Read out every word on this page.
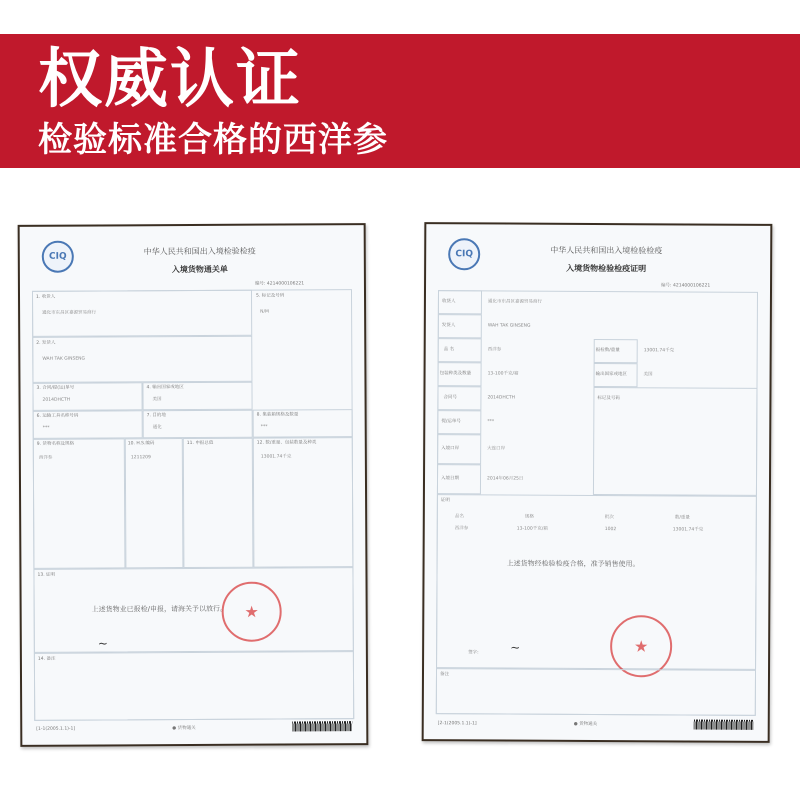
权威认证
检验标准合格的西洋参
CIQ
中华人民共和国出入境检验检疫
入境货物通关单
编号: 4214000106221
1. 收货人
通化市东昌区嘉源贸易商行
5. 标记及号码
N/M
2. 发货人
WAH TAK GINSENG
3. 合同/提(运)单号
2014DHCTH
4. 输出国家或地区
美国
6. 运输工具名称号码
***
7. 目的地
通化
8. 集装箱规格及数量
***
9. 货物名称及规格
西洋参
10. H.S.编码
1211209
11. 申报总值	12. 数/重量、包装数量及种类
13001.74千克
13. 证明
上述货物业已报检/申报，请海关予以放行。
~
★
14. 备注
[1-1(2005.1.1)-1]	● 货物通关
CIQ	中华人民共和国出入境检验检疫
入境货物检验检疫证明
编号: 4214000106221
收货人	通化市东昌区嘉源贸易商行
发货人	WAH TAK GINSENG
品 名	西洋参	报检数/重量	13001.74千克
包装种类及数量	13-100千克/箱	输出国家或地区	美国
合同号	2014DHCTH	标记及号码
提/运单号	***
入境口岸	大连口岸
入境日期	2014年06月25日
证明
品名	规格	批次	数/重量
西洋参	13-100千克/箱	1002	13001.74千克
上述货物经检验检疫合格，准予销售使用。
签字:	~	★
备注
[2-1(2005.1.1)-1]	● 货物通关
